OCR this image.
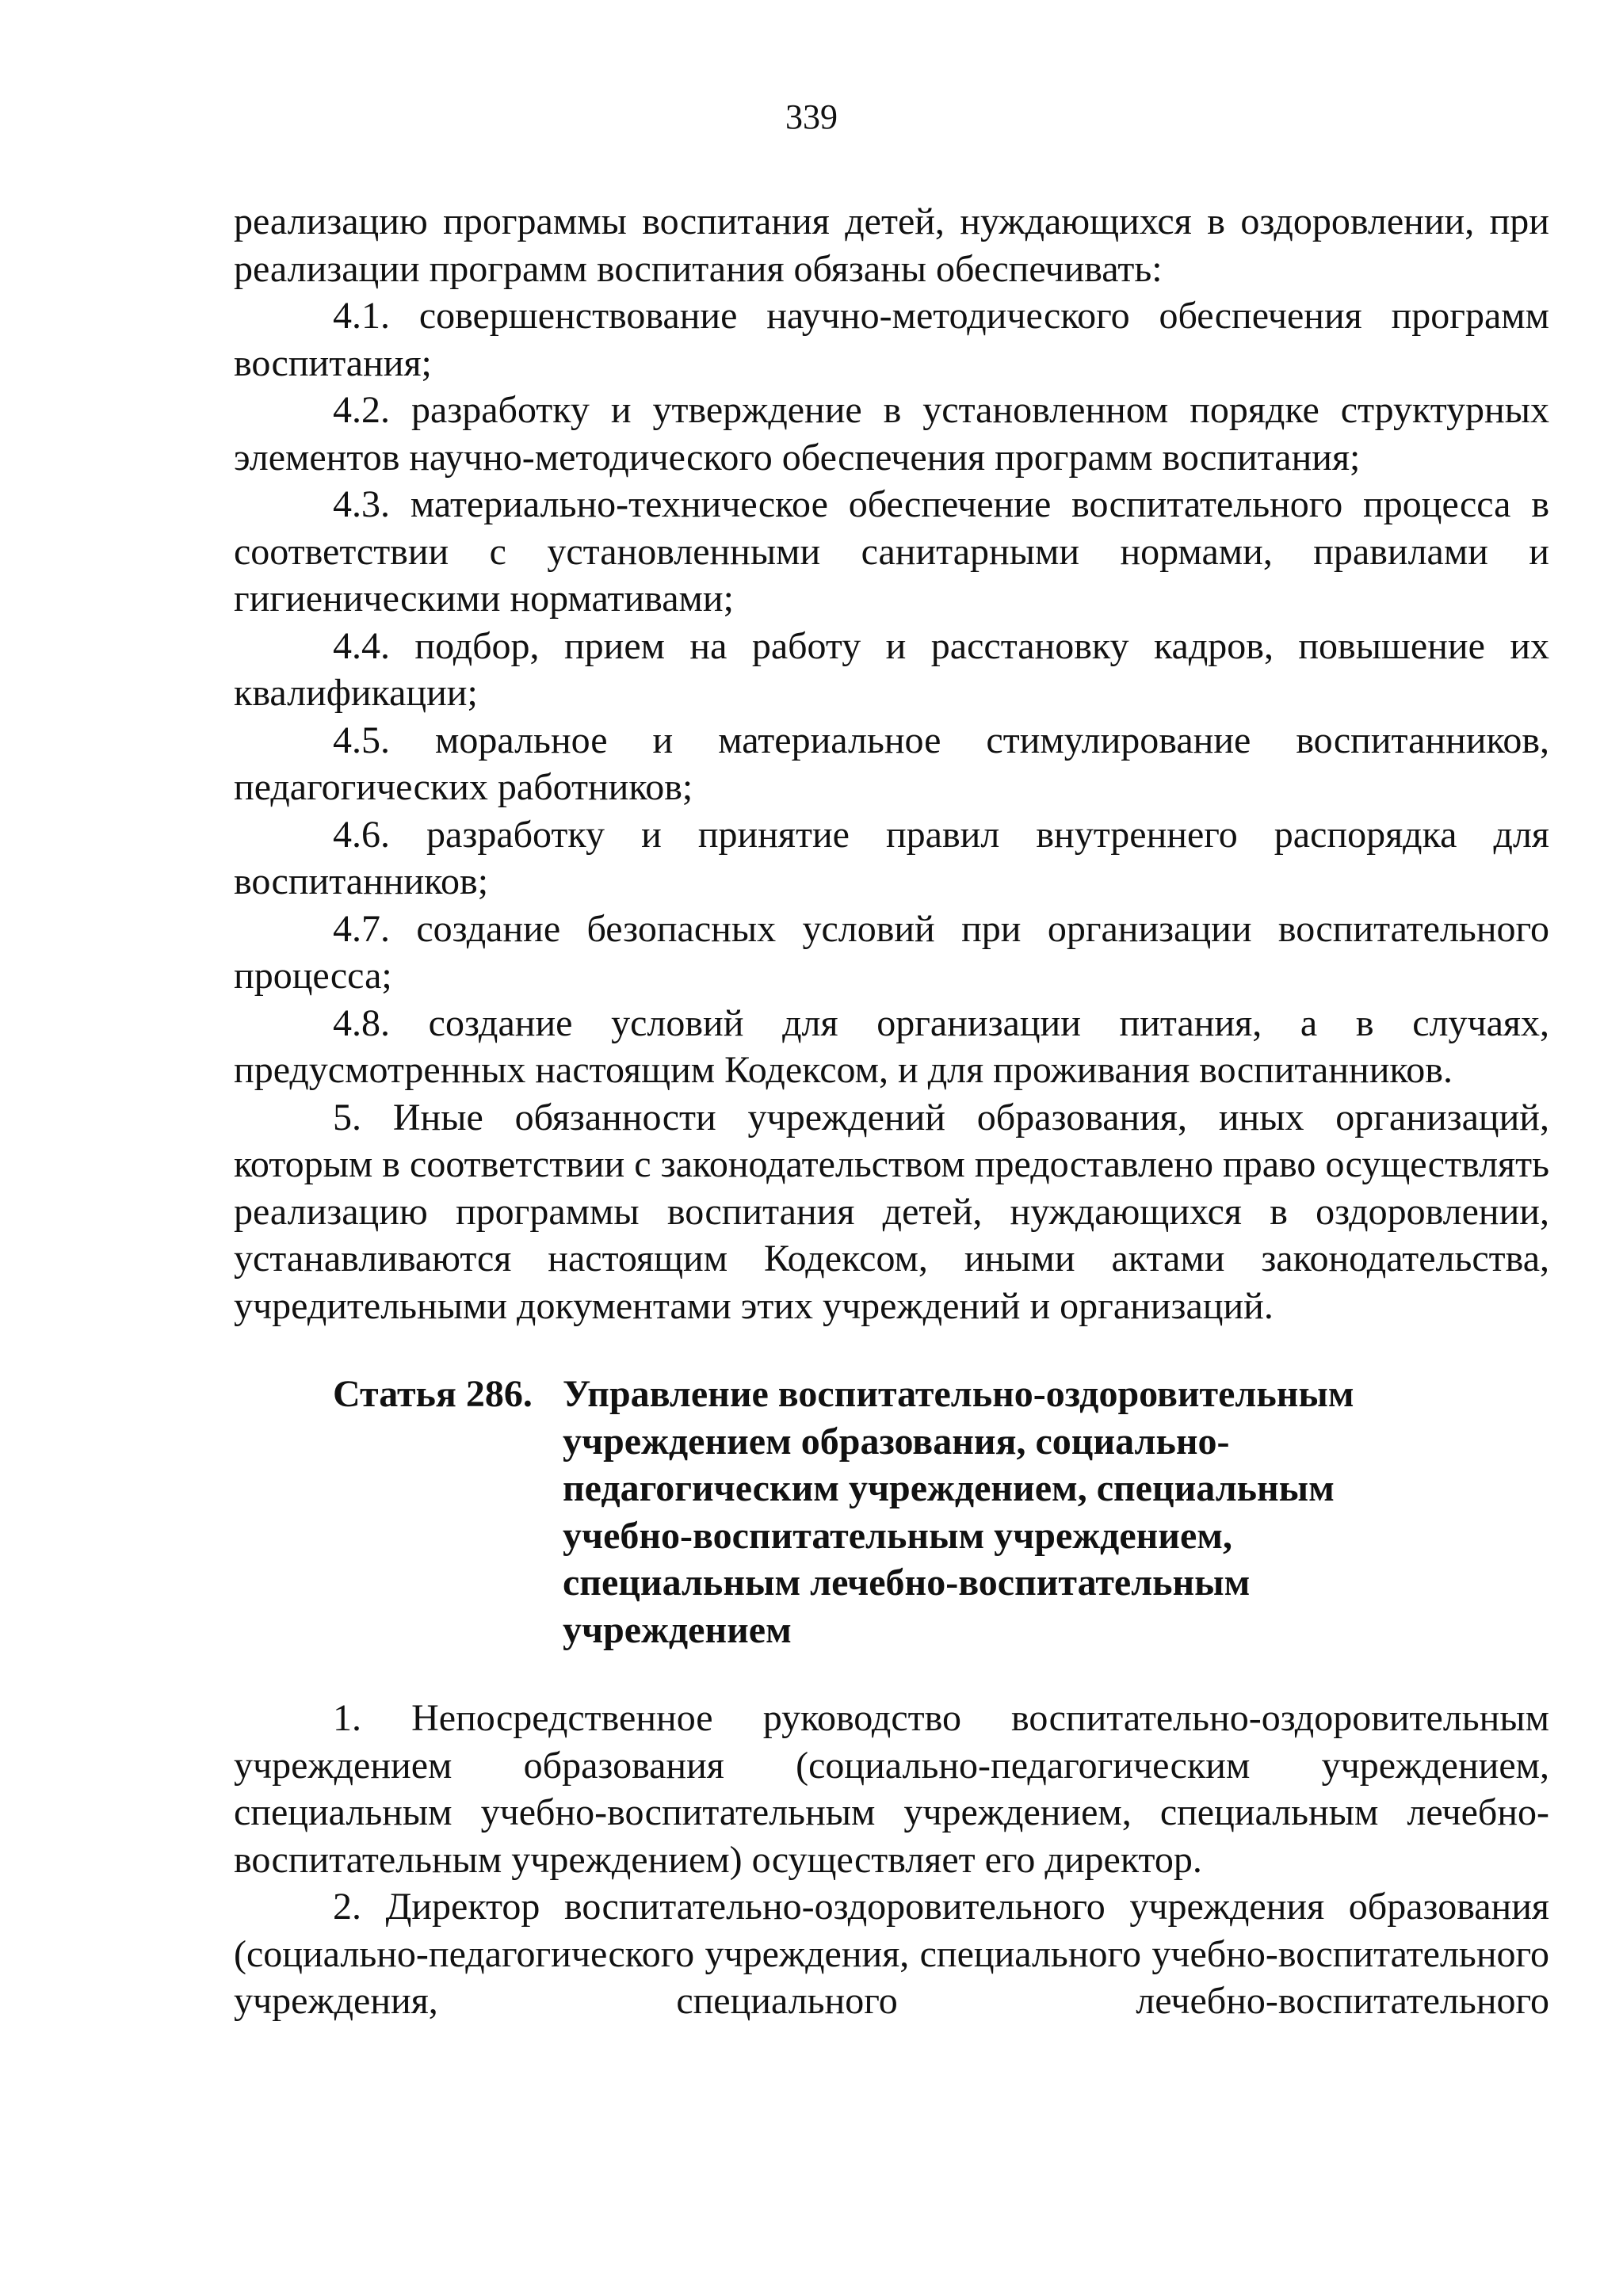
339

реализацию программы воспитания детей, нуждающихся в оздоровлении, при реализации программ воспитания обязаны обеспечивать:

4.1. совершенствование научно-методического обеспечения программ воспитания;

4.2. разработку и утверждение в установленном порядке структурных элементов научно-методического обеспечения программ воспитания;

4.3. материально-техническое обеспечение воспитательного процесса в соответствии с установленными санитарными нормами, правилами и гигиеническими нормативами;

4.4. подбор, прием на работу и расстановку кадров, повышение их квалификации;

4.5. моральное и материальное стимулирование воспитанников, педагогических работников;

4.6. разработку и принятие правил внутреннего распорядка для воспитанников;

4.7. создание безопасных условий при организации воспитательного процесса;

4.8. создание условий для организации питания, а в случаях, предусмотренных настоящим Кодексом, и для проживания воспитанников.

5. Иные обязанности учреждений образования, иных организаций, которым в соответствии с законодательством предоставлено право осуществлять реализацию программы воспитания детей, нуждающихся в оздоровлении, устанавливаются настоящим Кодексом, иными актами законодательства, учредительными документами этих учреждений и организаций.

Статья 286. Управление воспитательно-оздоровительным
учреждением образования, социально-
педагогическим учреждением, специальным
учебно-воспитательным учреждением,
специальным лечебно-воспитательным
учреждением

1. Непосредственное руководство воспитательно-оздоровительным учреждением образования (социально-педагогическим учреждением, специальным учебно-воспитательным учреждением, специальным лечебно-воспитательным учреждением) осуществляет его директор.

2. Директор воспитательно-оздоровительного учреждения образования (социально-педагогического учреждения, специального учебно-воспитательного учреждения, специального лечебно-воспитательного
